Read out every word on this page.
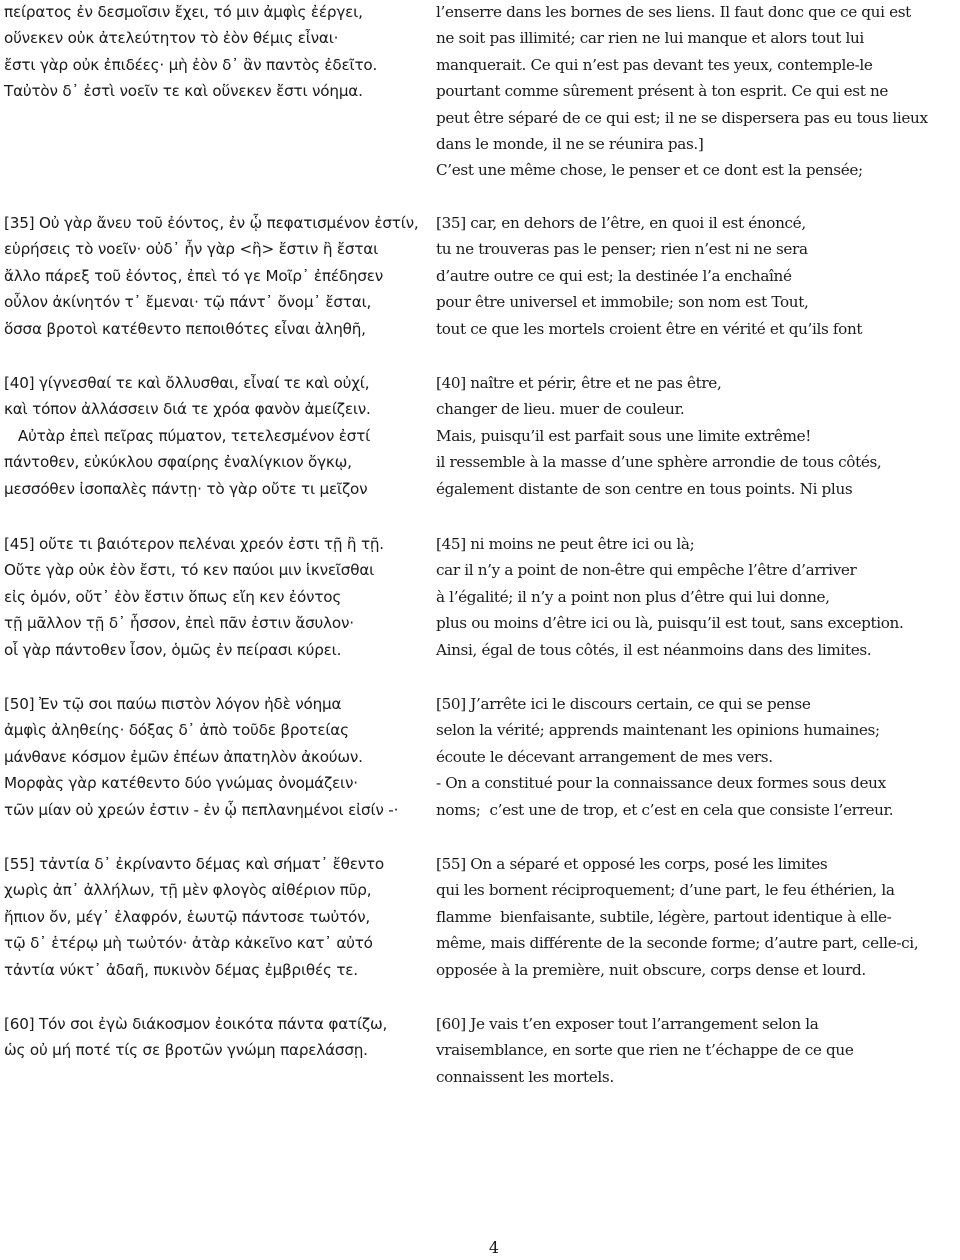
πείρατος ἐν δεσμοῖσιν ἔχει, τό μιν ἀμφὶς ἐέργει,
οὕνεκεν οὐκ ἀτελεύτητον τὸ ἐὸν θέμις εἶναι·
ἔστι γὰρ οὐκ ἐπιδέες· μὴ ἐὸν δ᾽ ἂν παντὸς ἐδεῖτο.
Ταὐτὸν δ᾽ ἐστὶ νοεῖν τε καὶ οὕνεκεν ἔστι νόημα.
[35] Οὐ γὰρ ἄνευ τοῦ ἐόντος, ἐν ᾧ πεφατισμένον ἐστίν,
εὑρήσεις τὸ νοεῖν· οὐδ᾽ ἦν γὰρ <ἢ> ἔστιν ἢ ἔσται
ἄλλο πάρεξ τοῦ ἐόντος, ἐπεὶ τό γε Μοῖρ᾽ ἐπέδησεν
οὖλον ἀκίνητόν τ᾽ ἔμεναι· τῷ πάντ᾽ ὄνομ᾽ ἔσται,
ὅσσα βροτοὶ κατέθεντο πεποιθότες εἶναι ἀληθῆ,
[40] γίγνεσθαί τε καὶ ὄλλυσθαι, εἶναί τε καὶ οὐχί,
καὶ τόπον ἀλλάσσειν διά τε χρόα φανὸν ἀμείζειν.
Αὐτὰρ ἐπεὶ πεῖρας πύματον, τετελεσμένον ἐστί
πάντοθεν, εὐκύκλου σφαίρης ἐναλίγκιον ὄγκῳ,
μεσσόθεν ἰσοπαλὲς πάντῃ· τὸ γὰρ οὔτε τι μεῖζον
[45] οὔτε τι βαιότερον πελέναι χρεόν ἐστι τῇ ἢ τῇ.
Οὔτε γὰρ οὐκ ἐὸν ἔστι, τό κεν παύοι μιν ἱκνεῖσθαι
εἰς ὁμόν, οὔτ᾽ ἐὸν ἔστιν ὅπως εἴη κεν ἐόντος
τῇ μᾶλλον τῇ δ᾽ ἧσσον, ἐπεὶ πᾶν ἐστιν ἄσυλον·
οἷ γὰρ πάντοθεν ἶσον, ὁμῶς ἐν πείρασι κύρει.
[50] Ἐν τῷ σοι παύω πιστὸν λόγον ἠδὲ νόημα
ἀμφὶς ἀληθείης· δόξας δ᾽ ἀπὸ τοῦδε βροτείας
μάνθανε κόσμον ἐμῶν ἐπέων ἀπατηλὸν ἀκούων.
Μορφὰς γὰρ κατέθεντο δύο γνώμας ὀνομάζειν·
τῶν μίαν οὐ χρεών ἐστιν - ἐν ᾧ πεπλανημένοι εἰσίν -·
[55] τἀντία δ᾽ ἐκρίναντο δέμας καὶ σήματ᾽ ἔθεντο
χωρὶς ἀπ᾽ ἀλλήλων, τῇ μὲν φλογὸς αἰθέριον πῦρ,
ἤπιον ὄν, μέγ᾽ ἐλαφρόν, ἑωυτῷ πάντοσε τωὐτόν,
τῷ δ᾽ ἑτέρῳ μὴ τωὐτόν· ἀτὰρ κἀκεῖνο κατ᾽ αὐτό
τἀντία νύκτ᾽ ἀδαῆ, πυκινὸν δέμας ἐμβριθές τε.
[60] Τόν σοι ἐγὼ διάκοσμον ἐοικότα πάντα φατίζω,
ὡς οὐ μή ποτέ τίς σε βροτῶν γνώμη παρελάσσῃ.
l’enserre dans les bornes de ses liens. Il faut donc que ce qui est
ne soit pas illimité; car rien ne lui manque et alors tout lui
manquerait. Ce qui n’est pas devant tes yeux, contemple-le
pourtant comme sûrement présent à ton esprit. Ce qui est ne
peut être séparé de ce qui est; il ne se dispersera pas eu tous lieux
dans le monde, il ne se réunira pas.]
C’est une même chose, le penser et ce dont est la pensée;
[35] car, en dehors de l’être, en quoi il est énoncé,
tu ne trouveras pas le penser; rien n’est ni ne sera
d’autre outre ce qui est; la destinée l’a enchaîné
pour être universel et immobile; son nom est Tout,
tout ce que les mortels croient être en vérité et qu’ils font
[40] naître et périr, être et ne pas être,
changer de lieu. muer de couleur.
Mais, puisqu’il est parfait sous une limite extrême!
il ressemble à la masse d’une sphère arrondie de tous côtés,
également distante de son centre en tous points. Ni plus
[45] ni moins ne peut être ici ou là;
car il n’y a point de non-être qui empêche l’être d’arriver
à l’égalité; il n’y a point non plus d’être qui lui donne,
plus ou moins d’être ici ou là, puisqu’il est tout, sans exception.
Ainsi, égal de tous côtés, il est néanmoins dans des limites.
[50] J’arrête ici le discours certain, ce qui se pense
selon la vérité; apprends maintenant les opinions humaines;
écoute le décevant arrangement de mes vers.
- On a constitué pour la connaissance deux formes sous deux
noms;  c’est une de trop, et c’est en cela que consiste l’erreur.
[55] On a séparé et opposé les corps, posé les limites
qui les bornent réciproquement; d’une part, le feu éthérien, la
flamme  bienfaisante, subtile, légère, partout identique à elle-
même, mais différente de la seconde forme; d’autre part, celle-ci,
opposée à la première, nuit obscure, corps dense et lourd.
[60] Je vais t’en exposer tout l’arrangement selon la
vraisemblance, en sorte que rien ne t’échappe de ce que
connaissent les mortels.
4
